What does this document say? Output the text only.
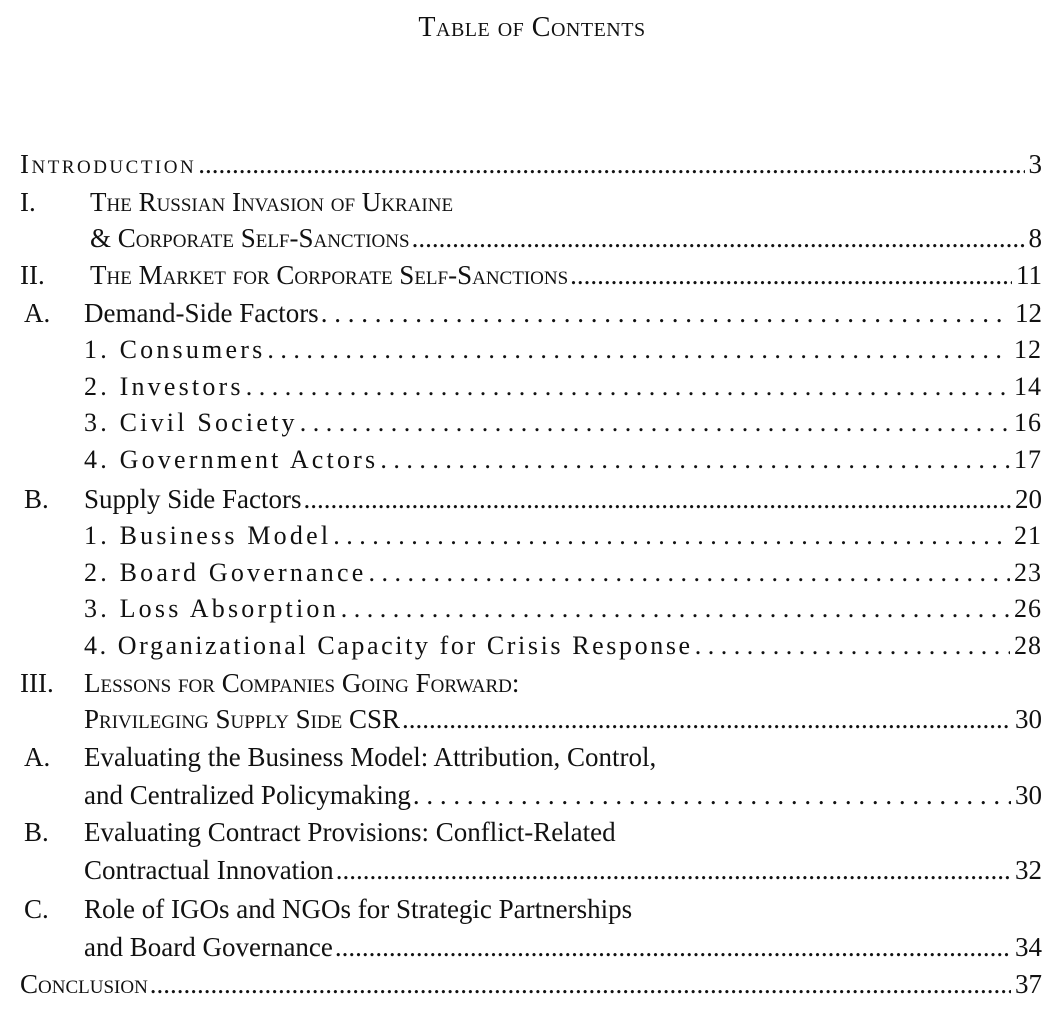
Table of Contents
Introduction .....	3
I. The Russian Invasion of Ukraine
& Corporate Self-Sanctions .....	8
II. The Market for Corporate Self-Sanctions .....	11
A. Demand-Side Factors . . .	12
1. Consumers . . .	12
2. Investors . . .	14
3. Civil Society . . .	16
4. Government Actors . . .	17
B. Supply Side Factors .....	20
1. Business Model . . .	21
2. Board Governance . . .	23
3. Loss Absorption . . .	26
4. Organizational Capacity for Crisis Response . . .	28
III. Lessons for Companies Going Forward:
Privileging Supply Side CSR .....	30
A. Evaluating the Business Model: Attribution, Control,
and Centralized Policymaking . . .	30
B. Evaluating Contract Provisions: Conflict-Related
Contractual Innovation .....	32
C. Role of IGOs and NGOs for Strategic Partnerships
and Board Governance .....	34
Conclusion .....	37
